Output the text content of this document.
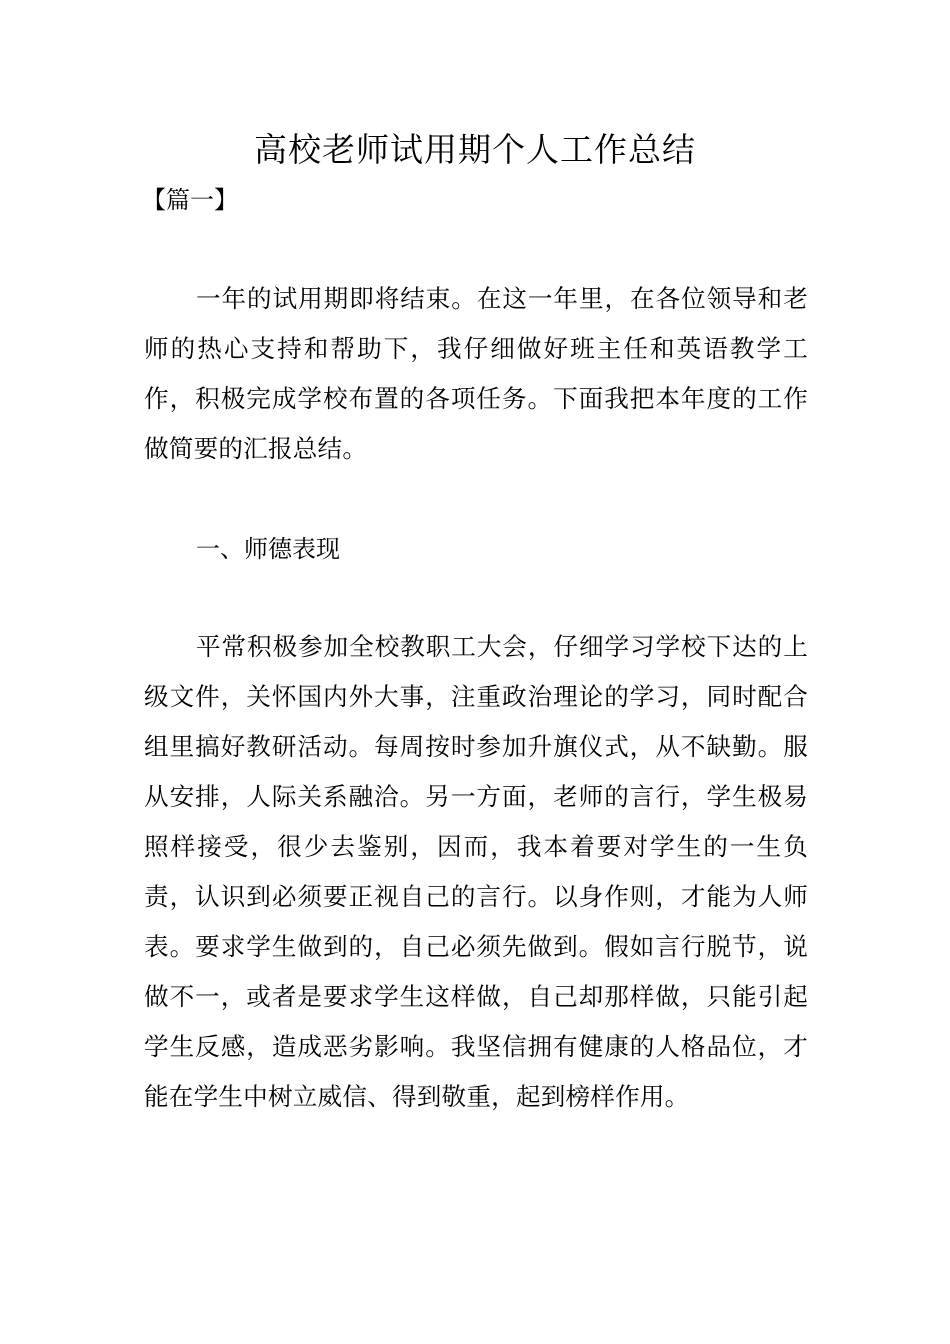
高校老师试用期个人工作总结

【篇一】

一年的试用期即将结束。在这一年里，在各位领导和老师的热心支持和帮助下，我仔细做好班主任和英语教学工作，积极完成学校布置的各项任务。下面我把本年度的工作做简要的汇报总结。

一、师德表现

平常积极参加全校教职工大会，仔细学习学校下达的上级文件，关怀国内外大事，注重政治理论的学习，同时配合组里搞好教研活动。每周按时参加升旗仪式，从不缺勤。服从安排，人际关系融洽。另一方面，老师的言行，学生极易照样接受，很少去鉴别，因而，我本着要对学生的一生负责，认识到必须要正视自己的言行。以身作则，才能为人师表。要求学生做到的，自己必须先做到。假如言行脱节，说做不一，或者是要求学生这样做，自己却那样做，只能引起学生反感，造成恶劣影响。我坚信拥有健康的人格品位，才能在学生中树立威信、得到敬重，起到榜样作用。
